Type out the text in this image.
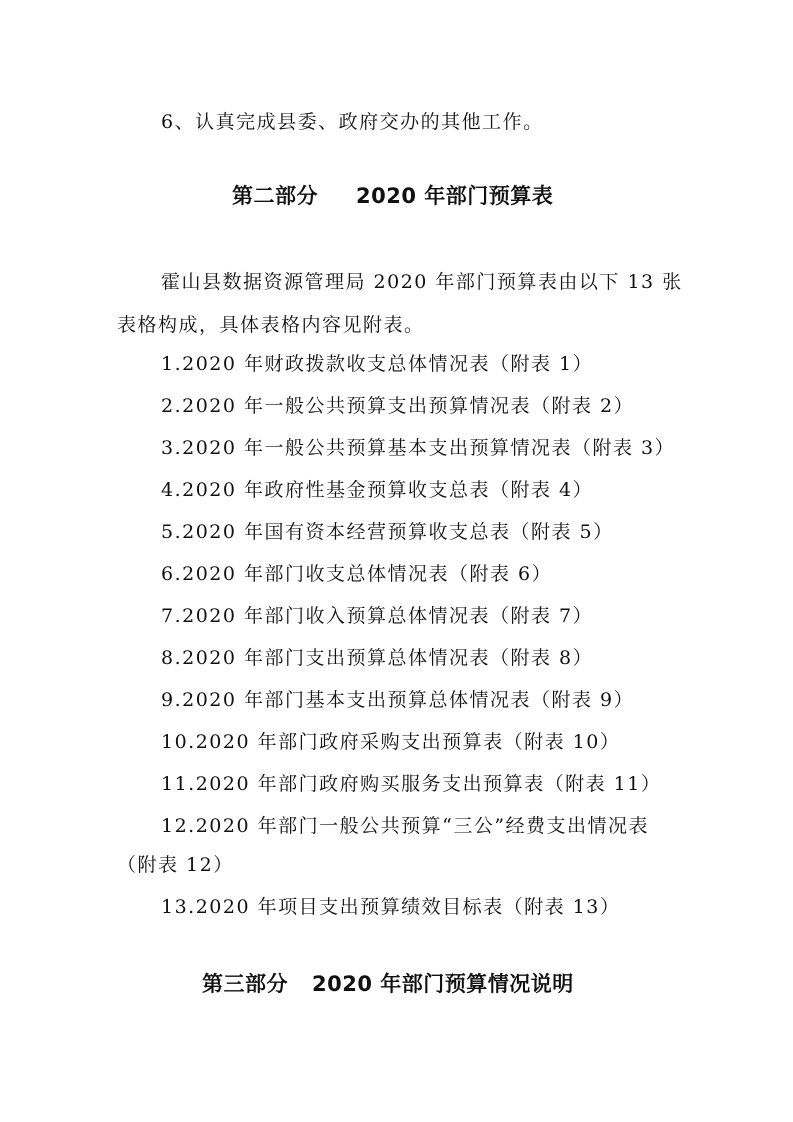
6、认真完成县委、政府交办的其他工作。
第二部分 2020 年部门预算表
霍山县数据资源管理局 2020 年部门预算表由以下 13 张
表格构成，具体表格内容见附表。
1.2020 年财政拨款收支总体情况表（附表 1）
2.2020 年一般公共预算支出预算情况表（附表 2）
3.2020 年一般公共预算基本支出预算情况表（附表 3）
4.2020 年政府性基金预算收支总表（附表 4）
5.2020 年国有资本经营预算收支总表（附表 5）
6.2020 年部门收支总体情况表（附表 6）
7.2020 年部门收入预算总体情况表（附表 7）
8.2020 年部门支出预算总体情况表（附表 8）
9.2020 年部门基本支出预算总体情况表（附表 9）
10.2020 年部门政府采购支出预算表（附表 10）
11.2020 年部门政府购买服务支出预算表（附表 11）
12.2020 年部门一般公共预算“三公”经费支出情况表
（附表 12）
13.2020 年项目支出预算绩效目标表（附表 13）
第三部分 2020 年部门预算情况说明
